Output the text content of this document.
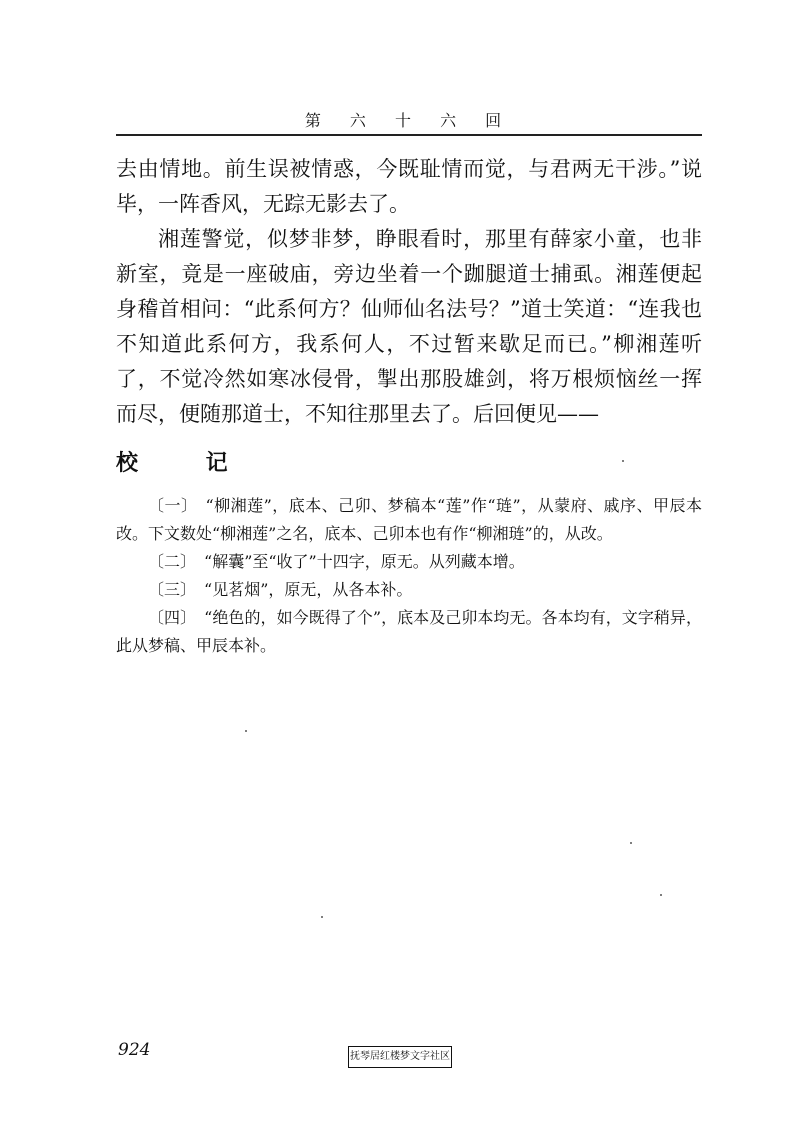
第 六 十 六 回

去由情地。前生误被情惑，今既耻情而觉，与君两无干涉。”说毕，一阵香风，无踪无影去了。

湘莲警觉，似梦非梦，睁眼看时，那里有薛家小童，也非新室，竟是一座破庙，旁边坐着一个跏腿道士捕虱。湘莲便起身稽首相问：“此系何方？仙师仙名法号？”道士笑道：“连我也不知道此系何方，我系何人，不过暂来歇足而已。”柳湘莲听了，不觉冷然如寒冰侵骨，掣出那股雄剑，将万根烦恼丝一挥而尽，便随那道士，不知往那里去了。后回便见——

校 记

〔一〕 “柳湘莲”，底本、己卯、梦稿本“莲”作“琏”，从蒙府、戚序、甲辰本改。下文数处“柳湘莲”之名，底本、己卯本也有作“柳湘琏”的，从改。

〔二〕 “解囊”至“收了”十四字，原无。从列藏本增。

〔三〕 “见茗烟”，原无，从各本补。

〔四〕 “绝色的，如今既得了个”，底本及己卯本均无。各本均有，文字稍异，此从梦稿、甲辰本补。

924	抚琴居红楼梦文字社区
